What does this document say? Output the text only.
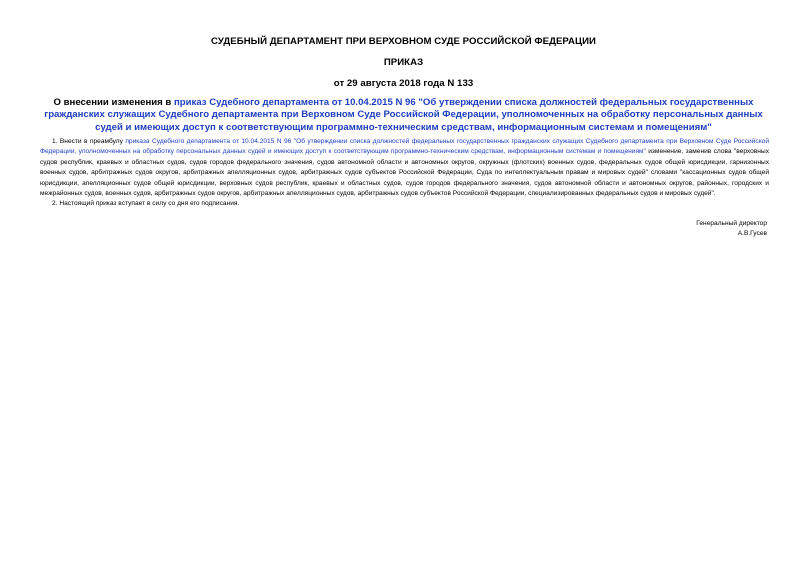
СУДЕБНЫЙ ДЕПАРТАМЕНТ ПРИ ВЕРХОВНОМ СУДЕ РОССИЙСКОЙ ФЕДЕРАЦИИ
ПРИКАЗ
от 29 августа 2018 года N 133
О внесении изменения в приказ Судебного департамента от 10.04.2015 N 96 "Об утверждении списка должностей федеральных государственных гражданских служащих Судебного департамента при Верховном Суде Российской Федерации, уполномоченных на обработку персональных данных судей и имеющих доступ к соответствующим программно-техническим средствам, информационным системам и помещениям"

1. Внести в преамбулу приказа Судебного департамента от 10.04.2015 N 96 "Об утверждении списка должностей федеральных государственных гражданских служащих Судебного департамента при Верховном Суде Российской Федерации, уполномоченных на обработку персональных данных судей и имеющих доступ к соответствующим программно-техническим средствам, информационным системам и помещениям" изменение, заменив слова "верховных судов республик, краевых и областных судов, судов городов федерального значения, судов автономной области и автономных округов, окружных (флотских) военных судов, федеральных судов общей юрисдикции, гарнизонных военных судов, арбитражных судов округов, арбитражных апелляционных судов, арбитражных судов субъектов Российской Федерации, Суда по интеллектуальным правам и мировых судей" словами "кассационных судов общей юрисдикции, апелляционных судов общей юрисдикции, верховных судов республик, краевых и областных судов, судов городов федерального значения, судов автономной области и автономных округов, районных, городских и межрайонных судов, военных судов, арбитражных судов округов, арбитражных апелляционных судов, арбитражных судов субъектов Российской Федерации, специализированных федеральных судов и мировых судей".

2. Настоящий приказ вступает в силу со дня его подписания.

Генеральный директор
А.В.Гусев
